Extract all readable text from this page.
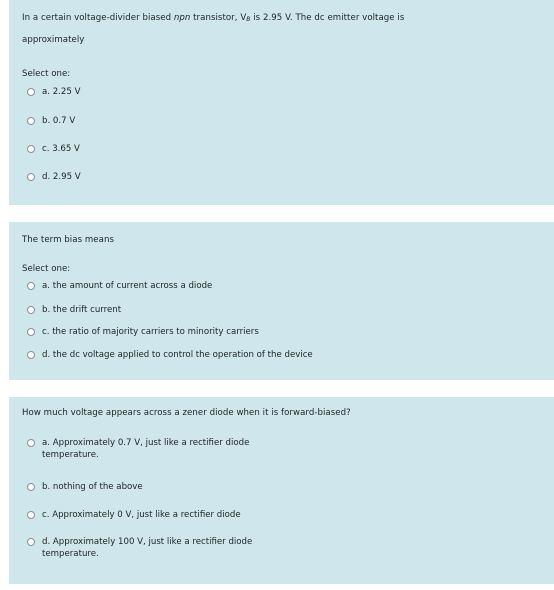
In a certain voltage-divider biased npn transistor, $V_B$ is 2.95 V. The dc emitter voltage is
approximately
Select one:
a. 2.25 V
b. 0.7 V
c. 3.65 V
d. 2.95 V
The term bias means
Select one:
a. the amount of current across a diode
b. the drift current
c. the ratio of majority carriers to minority carriers
d. the dc voltage applied to control the operation of the device
How much voltage appears across a zener diode when it is forward-biased?
a. Approximately 0.7 V, just like a rectifier diode
temperature.
b. nothing of the above
c. Approximately 0 V, just like a rectifier diode
d. Approximately 100 V, just like a rectifier diode
temperature.
